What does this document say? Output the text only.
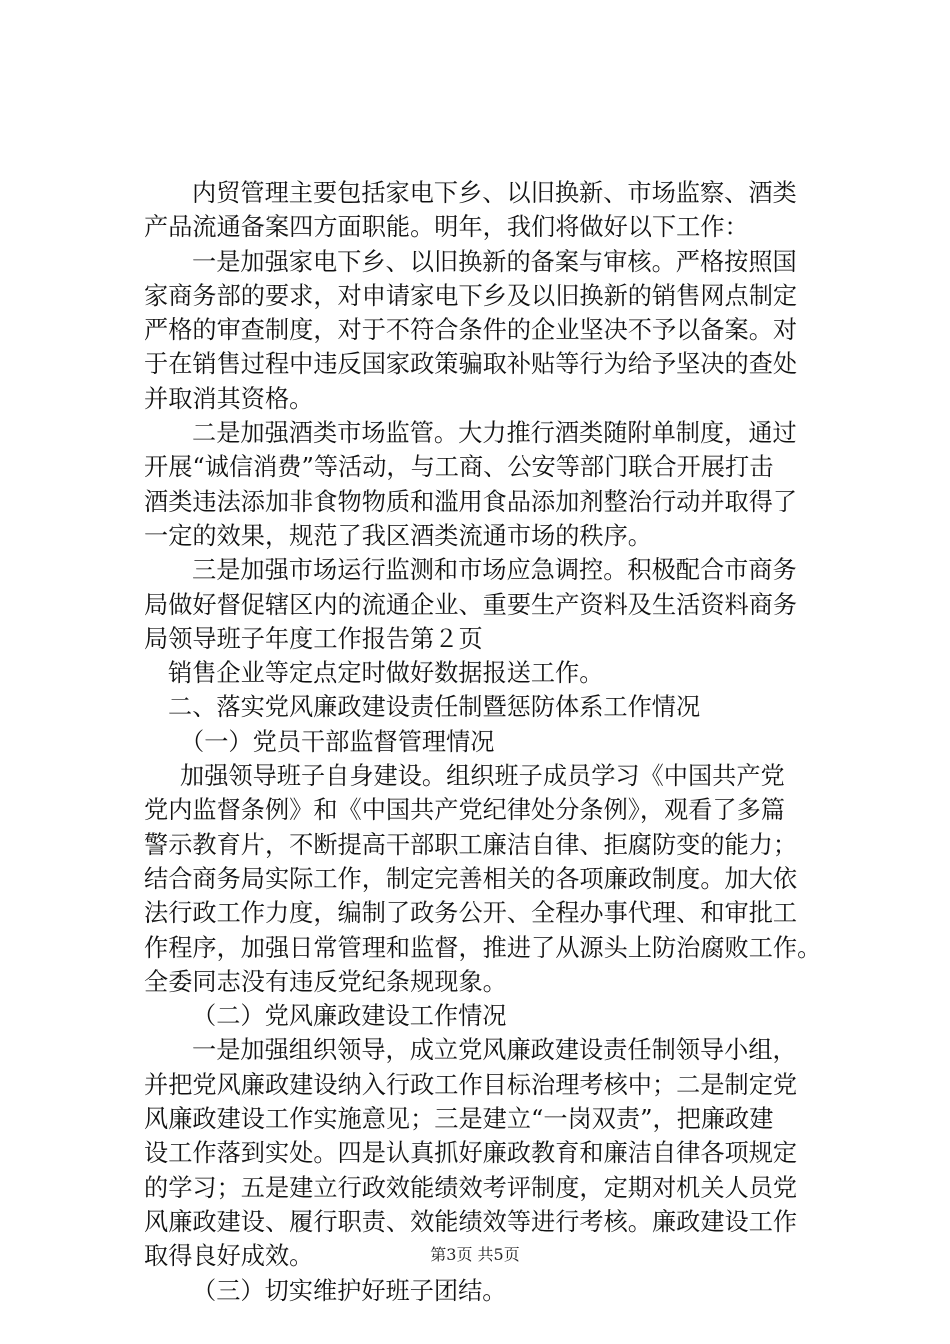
内贸管理主要包括家电下乡、以旧换新、市场监察、酒类

产品流通备案四方面职能。明年，我们将做好以下工作：

一是加强家电下乡、以旧换新的备案与审核。严格按照国

家商务部的要求，对申请家电下乡及以旧换新的销售网点制定

严格的审查制度，对于不符合条件的企业坚决不予以备案。对

于在销售过程中违反国家政策骗取补贴等行为给予坚决的查处

并取消其资格。

二是加强酒类市场监管。大力推行酒类随附单制度，通过

开展“诚信消费”等活动，与工商、公安等部门联合开展打击

酒类违法添加非食物物质和滥用食品添加剂整治行动并取得了

一定的效果，规范了我区酒类流通市场的秩序。

三是加强市场运行监测和市场应急调控。积极配合市商务

局做好督促辖区内的流通企业、重要生产资料及生活资料商务

局领导班子年度工作报告第２页

销售企业等定点定时做好数据报送工作。

二、落实党风廉政建设责任制暨惩防体系工作情况

（一）党员干部监督管理情况

加强领导班子自身建设。组织班子成员学习《中国共产党

党内监督条例》和《中国共产党纪律处分条例》，观看了多篇

警示教育片，不断提高干部职工廉洁自律、拒腐防变的能力；

结合商务局实际工作，制定完善相关的各项廉政制度。加大依

法行政工作力度，编制了政务公开、全程办事代理、和审批工

作程序，加强日常管理和监督，推进了从源头上防治腐败工作。

全委同志没有违反党纪条规现象。

（二）党风廉政建设工作情况

一是加强组织领导，成立党风廉政建设责任制领导小组，

并把党风廉政建设纳入行政工作目标治理考核中；二是制定党

风廉政建设工作实施意见；三是建立“一岗双责”，把廉政建

设工作落到实处。四是认真抓好廉政教育和廉洁自律各项规定

的学习；五是建立行政效能绩效考评制度，定期对机关人员党

风廉政建设、履行职责、效能绩效等进行考核。廉政建设工作

取得良好成效。

（三）切实维护好班子团结。

第3页 共5页
